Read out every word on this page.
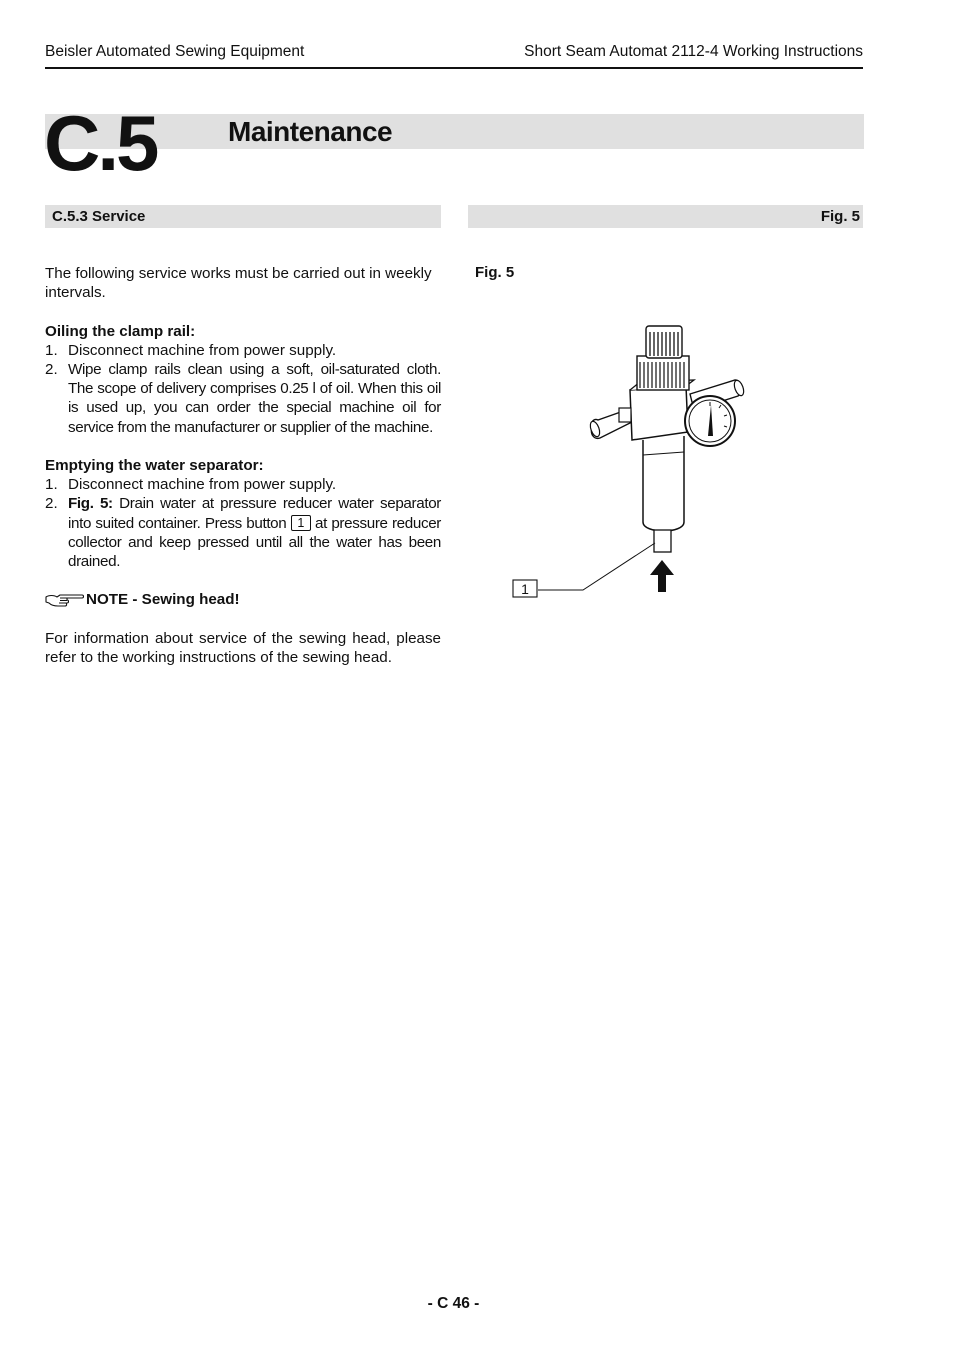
Beisler Automated Sewing Equipment	Short Seam Automat 2112-4 Working Instructions
C.5	Maintenance
C.5.3 Service	Fig. 5

The following service works must be carried out in weekly intervals.

Oiling the clamp rail:

1. Disconnect machine from power supply.
2. Wipe clamp rails clean using a soft, oil-saturated cloth. The scope of delivery comprises 0.25 l of oil. When this oil is used up, you can order the special machine oil for service from the manufacturer or supplier of the machine.

Emptying the water separator:

1. Disconnect machine from power supply.
2. Fig. 5: Drain water at pressure reducer water separator into suited container. Press button 1 at pressure reducer collector and keep pressed until all the water has been drained.
NOTE - Sewing head!

For information about service of the sewing head, please refer to the working instructions of the sewing head.

Fig. 5
1
- C 46 -
